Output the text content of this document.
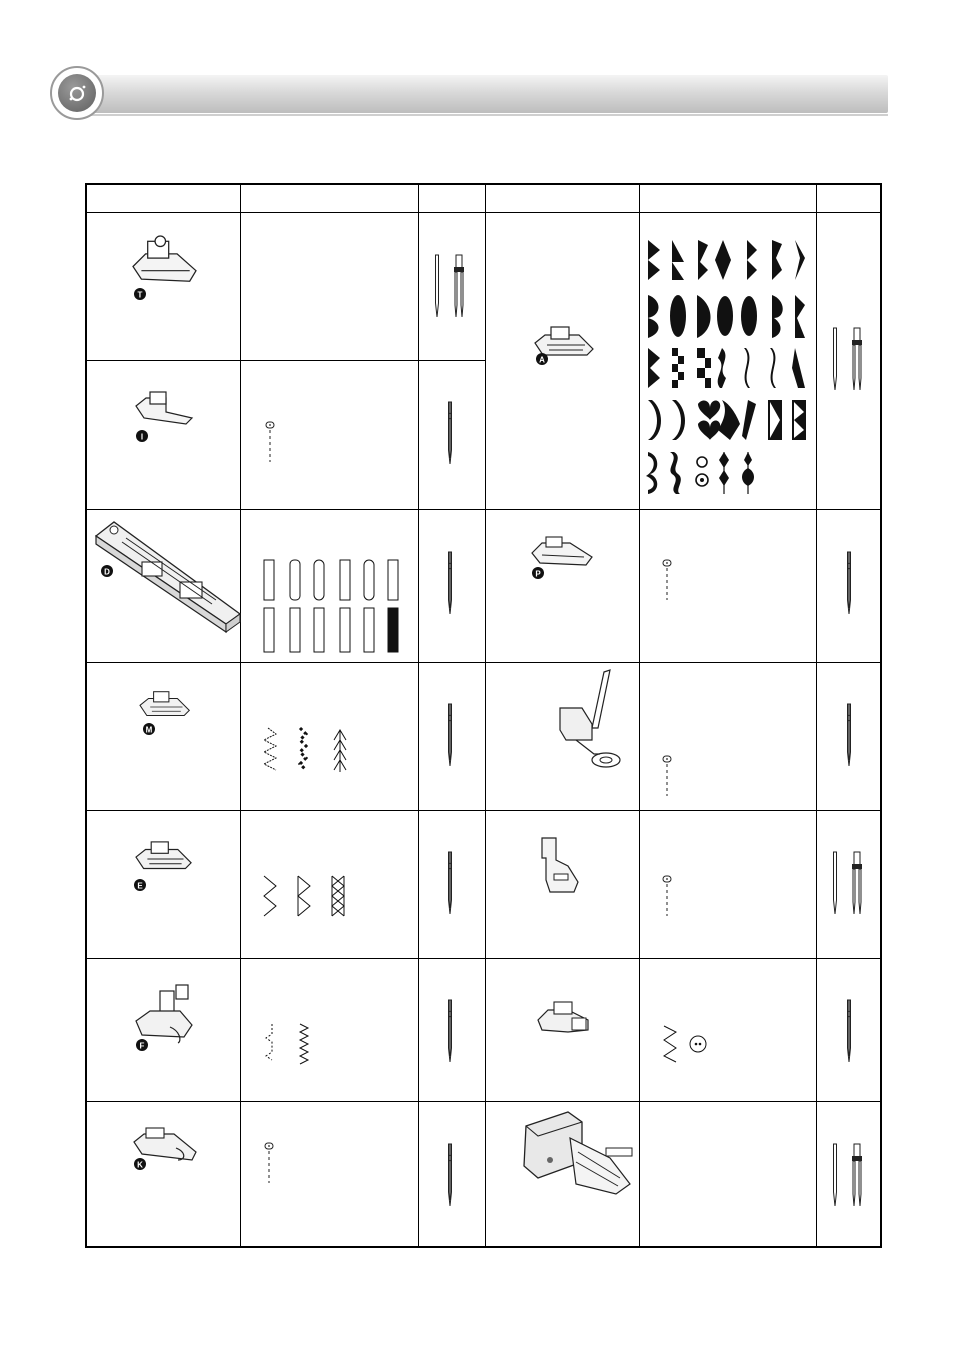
T
I
A
D	P
M
E
F
K
